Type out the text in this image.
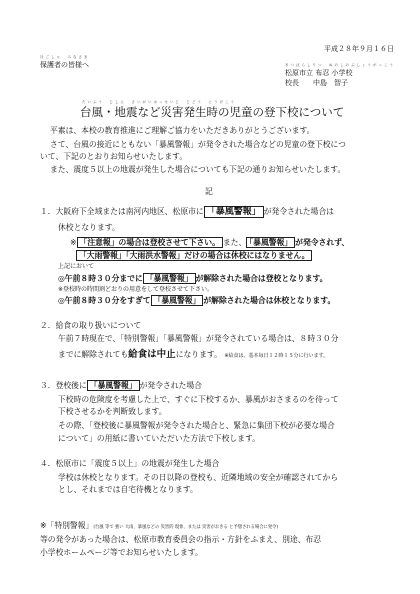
平成２８年９月１６日
ほごしゃ　みなさま
保護者の皆様へ	まつばらしりつ　ぬのしのぶしょうがっこう
松原市立 布忍 小学校
校長　　中島　智子
たいふう　じしん　さいがいはっせいじ　じどう　とうげこう
台風・地震など災害発生時の児童の登下校について
平素は、本校の教育推進にご理解ご協力をいただきありがとうございます。
さて、台風の接近にともない「暴風警報」が発令された場合などの児童の登下校につ
いて、下記のとおりお知らせいたします。
また、震度５以上の地震が発生した場合についても下記の通りお知らせいたします。
記
１．大阪府下全域または南河内地区、松原市に 「暴風警報」 が発令された場合は
休校となります。
※ 「注意報」の場合は登校させて下さい。 また、 「暴風警報」 が発令されず、
「大雨警報」「大雨洪水警報」だけの場合は休校にはなりません。
上記において
◎午前８時３０分までに 「暴風警報」 が解除された場合は登校となります。
※登校時の時間割どおりの用意をして登校させて下さい。
◎午前８時３０分をすぎて 「暴風警報」 が解除された場合は休校となります。
２．給食の取り扱いについて
午前７時現在で、「特別警報」「暴風警報」が発令されている場合は、８時３０分
までに解除されても給食は中止になります。 ※給食は、基本毎日１２時１５分に行います。
３．登校後に 「暴風警報」 が発令された場合
下校時の危険度を考慮した上で、すぐに下校するか、暴風がおさまるのを待って
下校させるかを判断致します。
その際、「登校後に暴風警報が発令された場合と、緊急に集団下校が必要な場合
について」の用紙に書いていただいた方法で下校します。
４．松原市に「震度５以上」の地震が発生した場合
学校は休校となります。その日以降の登校も、近隣地域の安全が確認されてから
とし、それまでは自宅待機となります。
※「特別警報」(台風 等で 強い 大雨、暴風などの 災害的 現象、または 災害がおきる と予想される場合に発令)
等の発令があった場合は、松原市教育委員会の指示・方針をふまえ、別途、布忍
小学校ホームページ等でお知らせいたします。
